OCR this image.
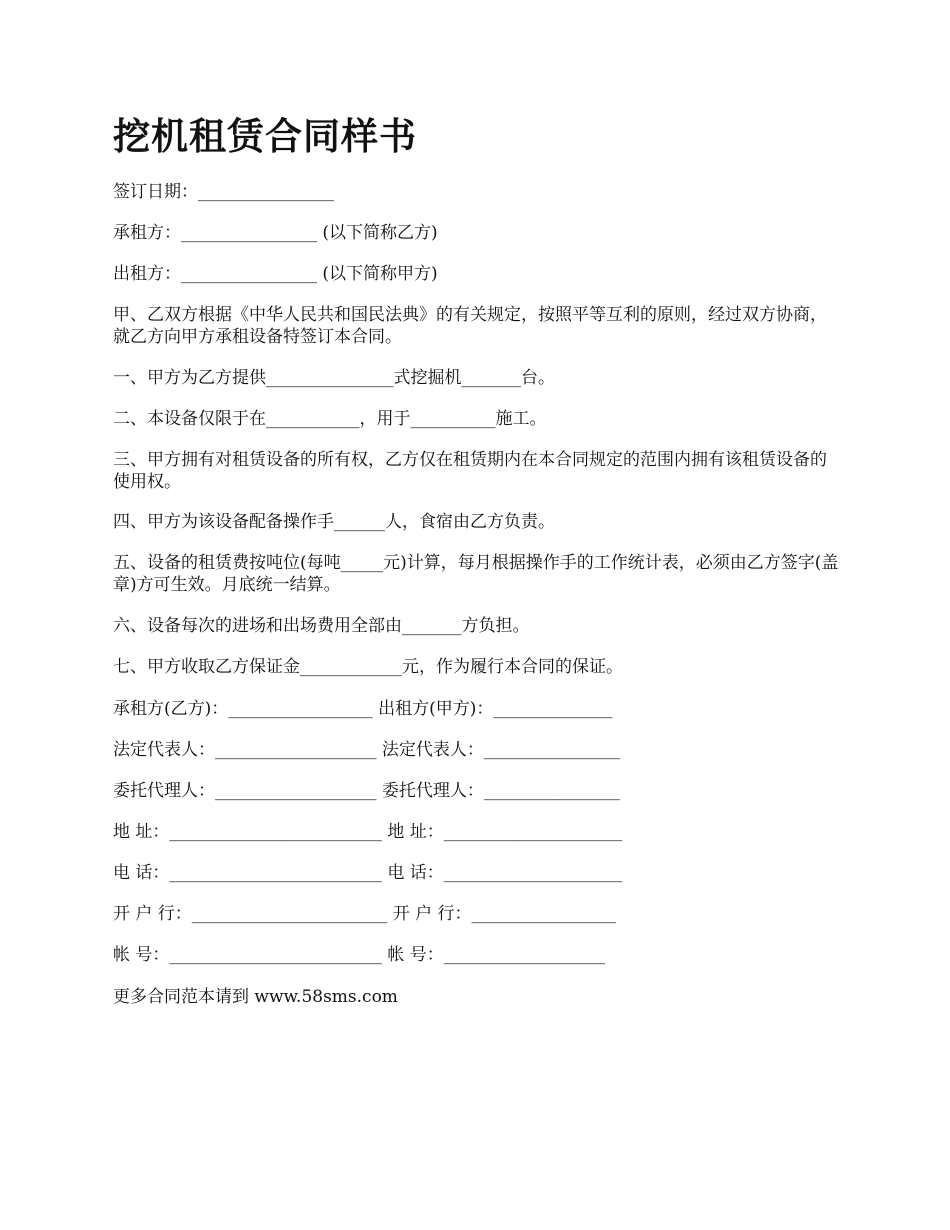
挖机租赁合同样书

签订日期：________________

承租方：________________ (以下简称乙方)

出租方：________________ (以下简称甲方)

甲、乙双方根据《中华人民共和国民法典》的有关规定，按照平等互利的原则，经过双方协商，就乙方向甲方承租设备特签订本合同。

一、甲方为乙方提供_______________式挖掘机_______台。

二、本设备仅限于在___________，用于__________施工。

三、甲方拥有对租赁设备的所有权，乙方仅在租赁期内在本合同规定的范围内拥有该租赁设备的使用权。

四、甲方为该设备配备操作手______人，食宿由乙方负责。

五、设备的租赁费按吨位(每吨_____元)计算，每月根据操作手的工作统计表，必须由乙方签字(盖章)方可生效。月底统一结算。

六、设备每次的进场和出场费用全部由_______方负担。

七、甲方收取乙方保证金____________元，作为履行本合同的保证。

承租方(乙方)：_________________ 出租方(甲方)：______________
法定代表人：___________________ 法定代表人：________________
委托代理人：___________________ 委托代理人：________________
地 址：_________________________ 地 址：_____________________
电 话：_________________________ 电 话：_____________________
开 户 行：_______________________ 开 户 行：_________________
帐 号：_________________________ 帐 号：___________________

更多合同范本请到 www.58sms.com
